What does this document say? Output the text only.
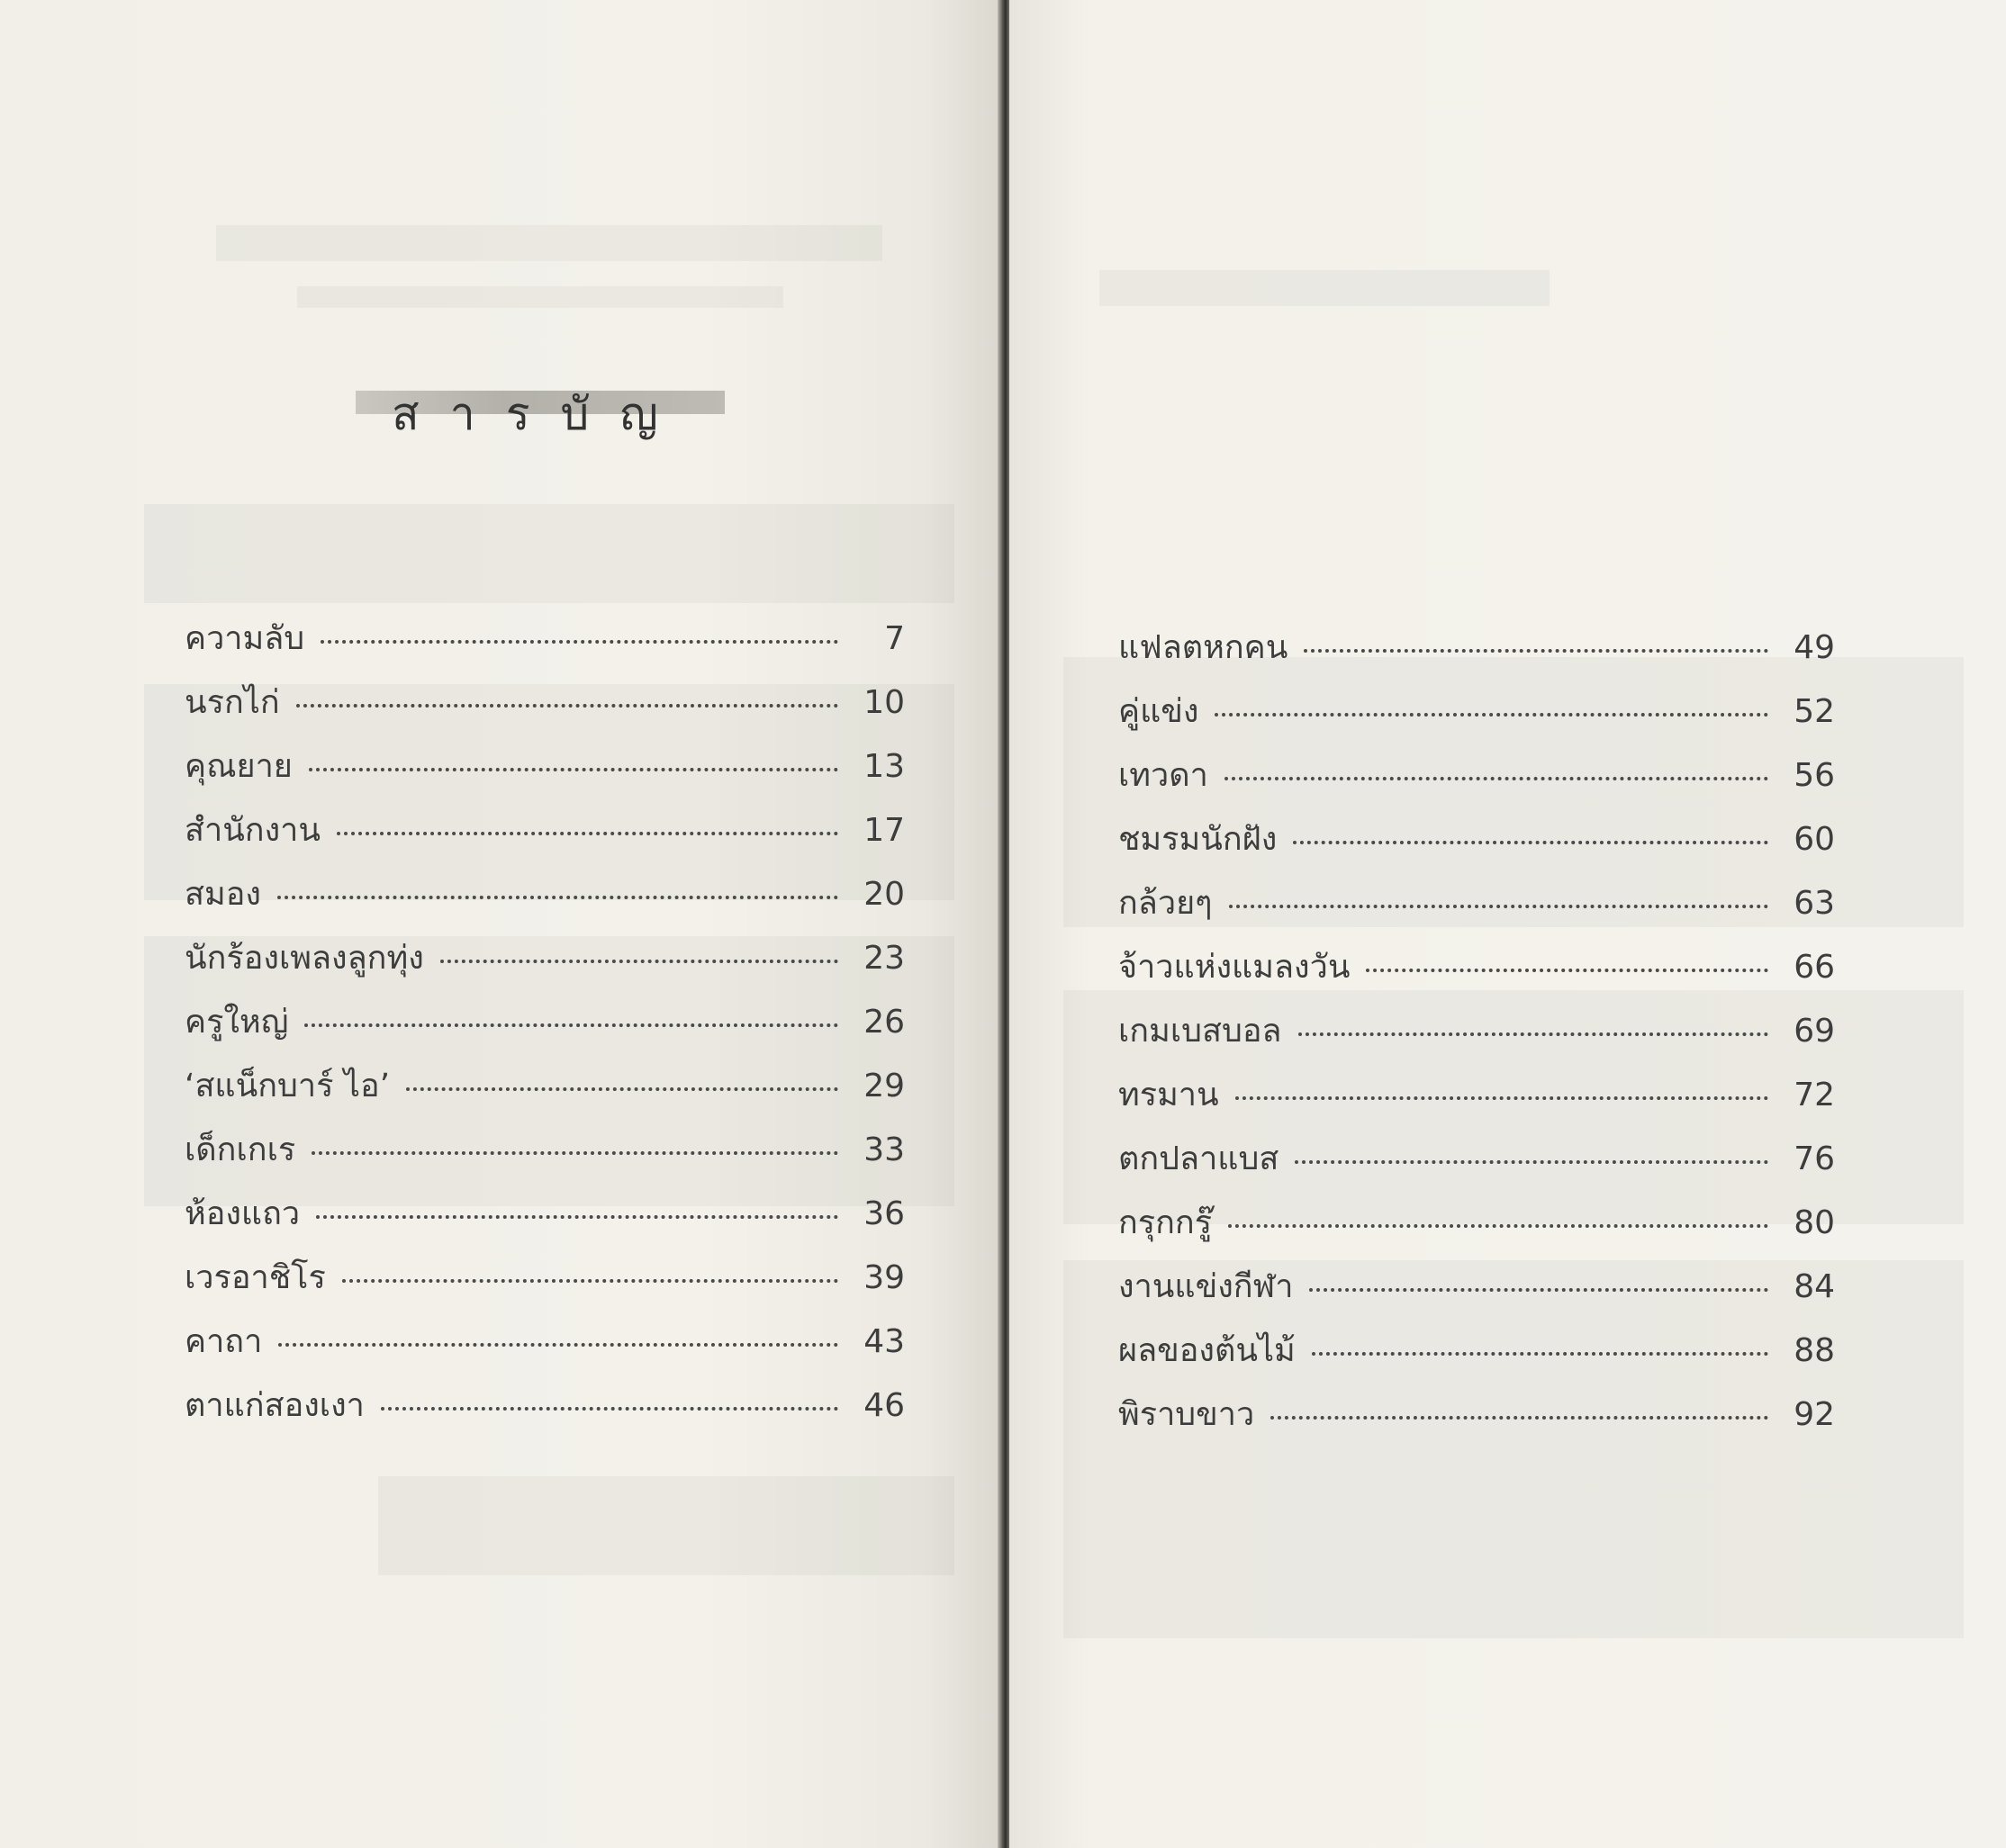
สารบัญ
ความลับ	7
นรกไก่	10
คุณยาย	13
สำนักงาน	17
สมอง	20
นักร้องเพลงลูกทุ่ง	23
ครูใหญ่	26
‘สแน็กบาร์ ไอ’	29
เด็กเกเร	33
ห้องแถว	36
เวรอาชิโร	39
คาถา	43
ตาแก่สองเงา	46
แฟลตหกคน	49
คู่แข่ง	52
เทวดา	56
ชมรมนักฝัง	60
กล้วยๆ	63
จ้าวแห่งแมลงวัน	66
เกมเบสบอล	69
ทรมาน	72
ตกปลาแบส	76
กรุกกรู๊	80
งานแข่งกีฬา	84
ผลของต้นไม้	88
พิราบขาว	92
